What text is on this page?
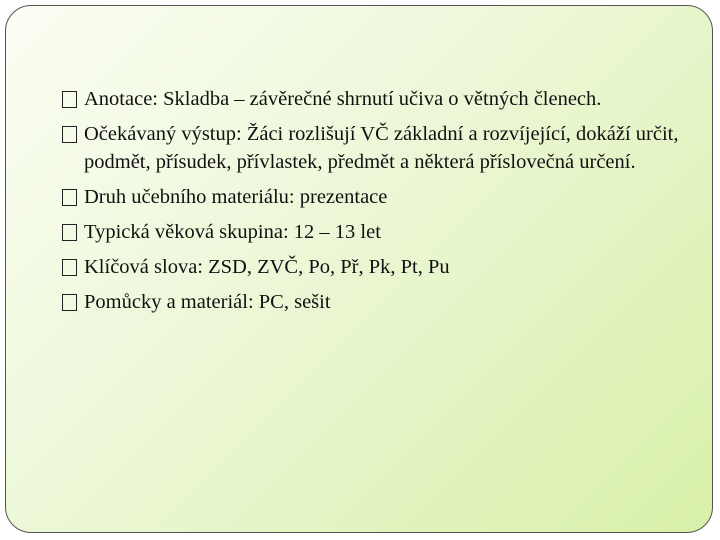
Anotace: Skladba – závěrečné shrnutí učiva o větných členech.
Očekávaný výstup: Žáci rozlišují VČ základní a rozvíjející, dokáží určit, podmět, přísudek, přívlastek, předmět a některá příslovečná určení.
Druh učebního materiálu: prezentace
Typická věková skupina: 12 – 13 let
Klíčová slova: ZSD, ZVČ, Po, Př, Pk, Pt, Pu
Pomůcky a materiál: PC, sešit
